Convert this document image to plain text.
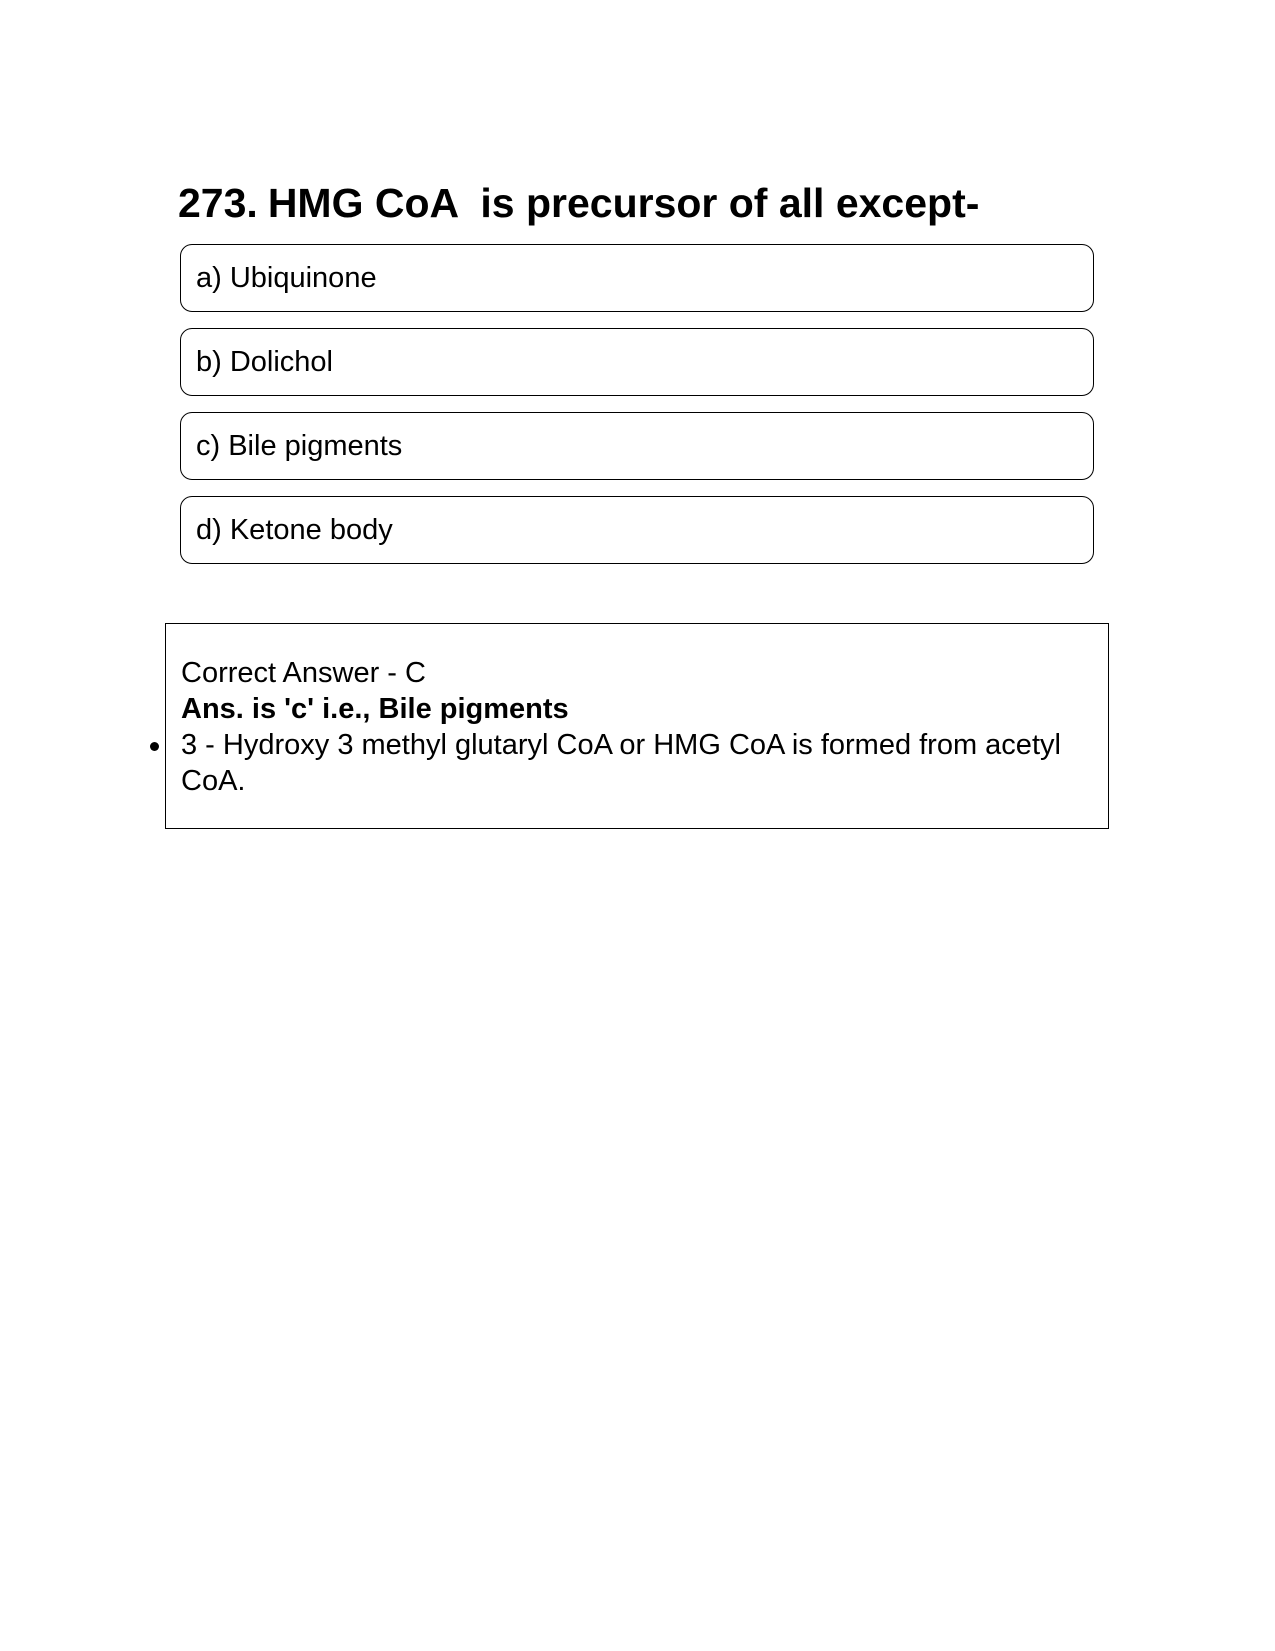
273. HMG CoA  is precursor of all except-
a) Ubiquinone
b) Dolichol
c) Bile pigments
d) Ketone body
Correct Answer - C
Ans. is 'c' i.e., Bile pigments
3 - Hydroxy 3 methyl glutaryl CoA or HMG CoA is formed from acetyl CoA.
